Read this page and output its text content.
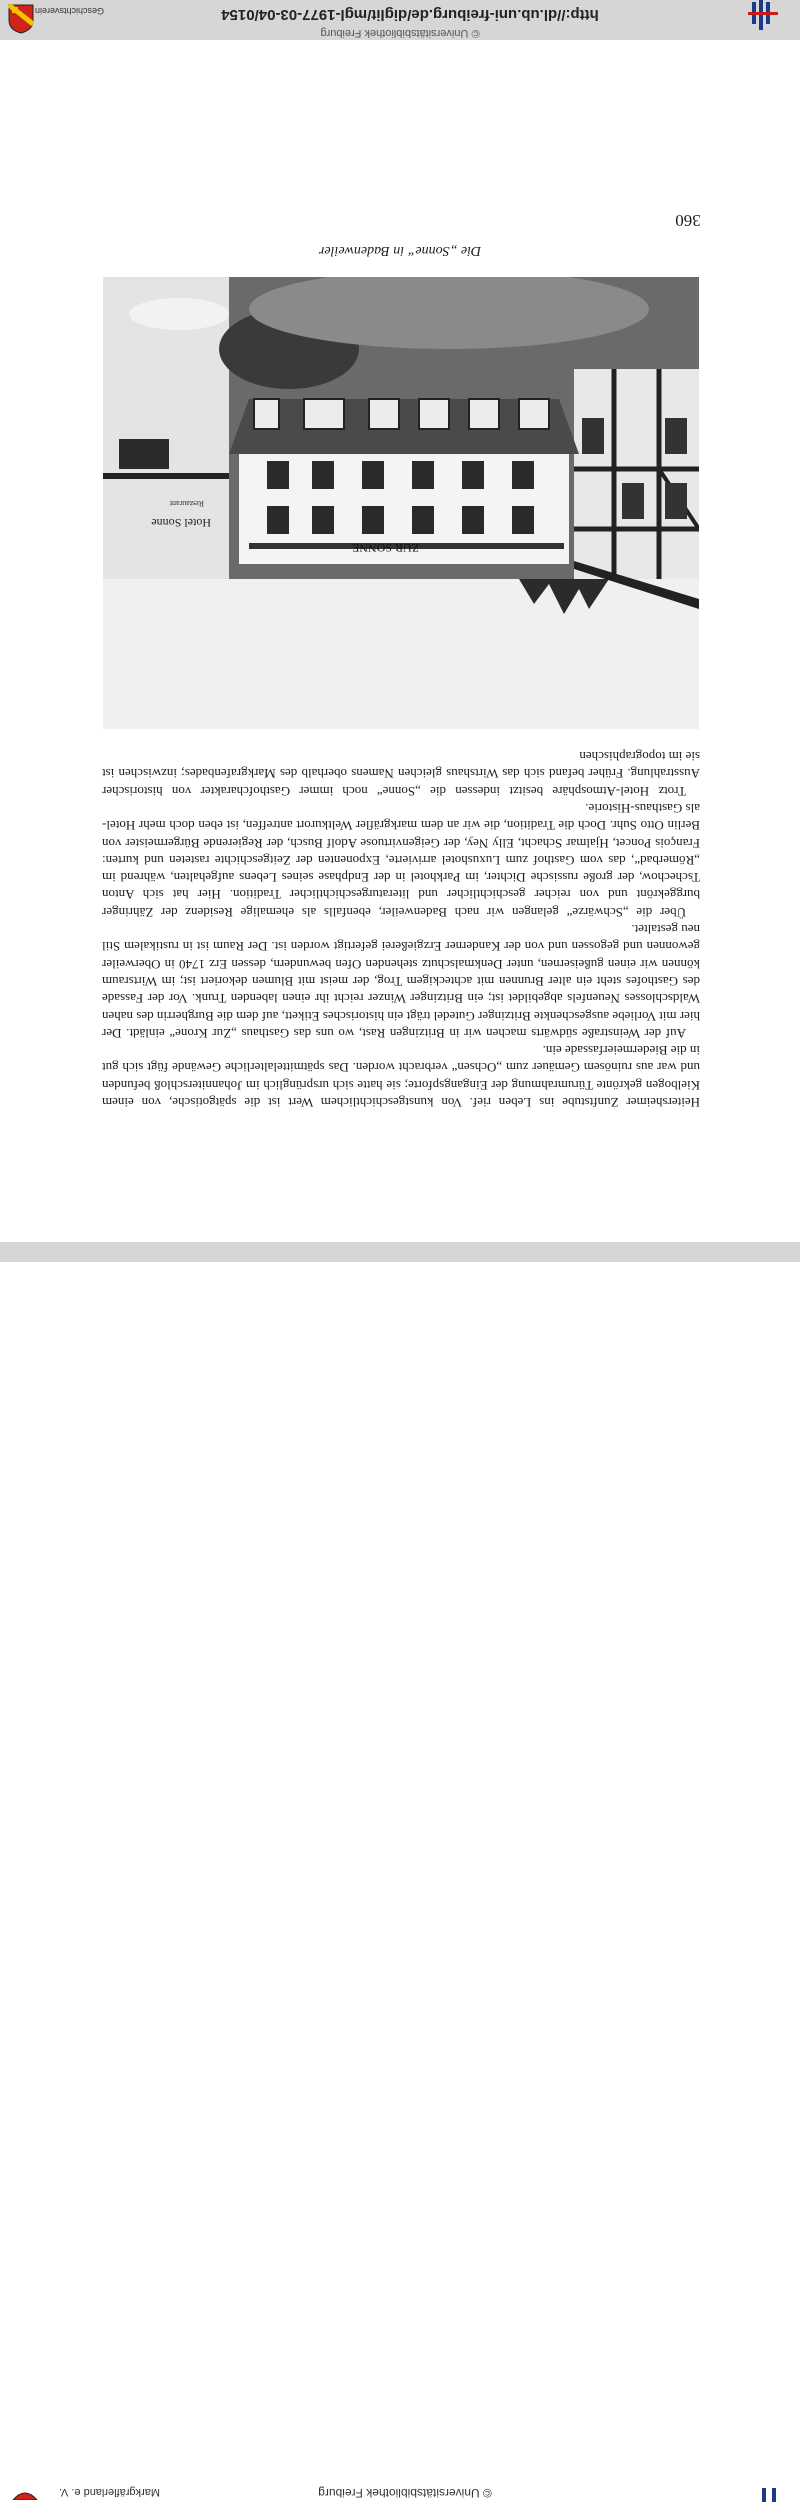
Geschichtsverein	http://dl.ub.uni-freiburg.de/diglit/mgl-1977-03-04/0154
© Universitätsbibliothek Freiburg
360
Die „Sonne“ in Badenweiler
ZUR SONNE
Hotel Sonne
Restaurant

Heitersheimer Zunftstube ins Leben rief. Von kunstgeschichtlichem Wert ist die spätgotische, von einem Kielbogen gekrönte Türumrahmung der Eingangspforte; sie hatte sich ursprünglich im Johanniterschloß befunden und war aus ruinösem Gemäuer zum „Ochsen“ verbracht worden. Das spätmittelalterliche Gewände fügt sich gut in die Biedermeierfassade ein.

Auf der Weinstraße südwärts machen wir in Britzingen Rast, wo uns das Gasthaus „Zur Krone“ einlädt. Der hier mit Vorliebe ausgeschenkte Britzinger Gutedel trägt ein historisches Etikett, auf dem die Burgherrin des nahen Waldschlosses Neuenfels abgebildet ist; ein Britzinger Winzer reicht ihr einen labenden Trunk. Vor der Fassade des Gasthofes steht ein alter Brunnen mit achteckigem Trog, der meist mit Blumen dekoriert ist; im Wirtsraum können wir einen gußeisernen, unter Denkmalschutz stehenden Ofen bewundern, dessen Erz 1740 in Oberweiler gewonnen und gegossen und von der Kanderner Erzgießerei gefertigt worden ist. Der Raum ist in rustikalem Stil neu gestaltet.

Über die „Schwärze“ gelangen wir nach Badenweiler, ebenfalls als ehemalige Residenz der Zähringer burggekrönt und von reicher geschichtlicher und literaturgeschichtlicher Tradition. Hier hat sich Anton Tschechow, der große russische Dichter, im Parkhotel in der Endphase seines Lebens aufgehalten, während im „Römerbad“, das vom Gasthof zum Luxushotel arrivierte, Exponenten der Zeitgeschichte rasteten und kurten: François Poncet, Hjalmar Schacht, Elly Ney, der Geigenvirtuose Adolf Busch, der Regierende Bürgermeister von Berlin Otto Suhr. Doch die Tradition, die wir an dem markgräfler Weltkurort antreffen, ist eben doch mehr Hotel- als Gasthaus-Historie.

Trotz Hotel-Atmosphäre besitzt indessen die „Sonne“ noch immer Gasthofcharakter von historischer Ausstrahlung. Früher befand sich das Wirtshaus gleichen Namens oberhalb des Markgrafenbades; inzwischen ist sie im topographischen

Markgräflerland e. V.	© Universitätsbibliothek Freiburg
